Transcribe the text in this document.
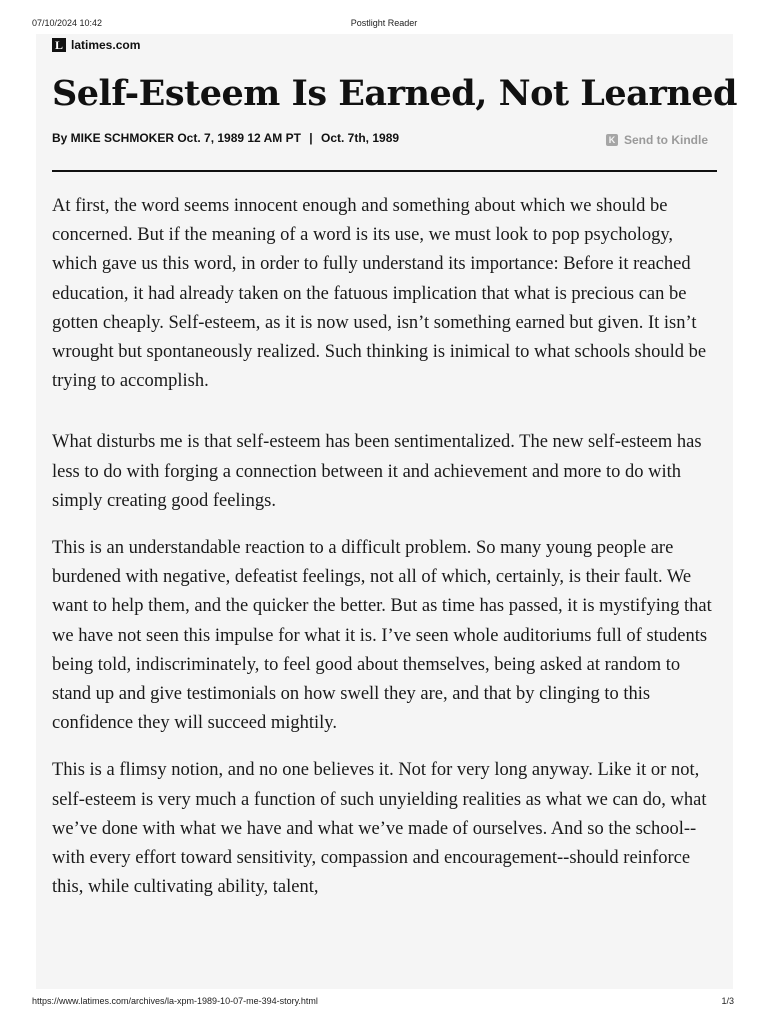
07/10/2024 10:42	Postlight Reader
L latimes.com
Self-Esteem Is Earned, Not Learned
By MIKE SCHMOKER Oct. 7, 1989 12 AM PT | Oct. 7th, 1989	K Send to Kindle

At first, the word seems innocent enough and something about which we should be concerned. But if the meaning of a word is its use, we must look to pop psychology, which gave us this word, in order to fully understand its importance: Before it reached education, it had already taken on the fatuous implication that what is precious can be gotten cheaply. Self-esteem, as it is now used, isn’t something earned but given. It isn’t wrought but spontaneously realized. Such thinking is inimical to what schools should be trying to accomplish.

What disturbs me is that self-esteem has been sentimentalized. The new self-esteem has less to do with forging a connection between it and achievement and more to do with simply creating good feelings.

This is an understandable reaction to a difficult problem. So many young people are burdened with negative, defeatist feelings, not all of which, certainly, is their fault. We want to help them, and the quicker the better. But as time has passed, it is mystifying that we have not seen this impulse for what it is. I’ve seen whole auditoriums full of students being told, indiscriminately, to feel good about themselves, being asked at random to stand up and give testimonials on how swell they are, and that by clinging to this confidence they will succeed mightily.

This is a flimsy notion, and no one believes it. Not for very long anyway. Like it or not, self-esteem is very much a function of such unyielding realities as what we can do, what we’ve done with what we have and what we’ve made of ourselves. And so the school--with every effort toward sensitivity, compassion and encouragement--should reinforce this, while cultivating ability, talent,

https://www.latimes.com/archives/la-xpm-1989-10-07-me-394-story.html	1/3
